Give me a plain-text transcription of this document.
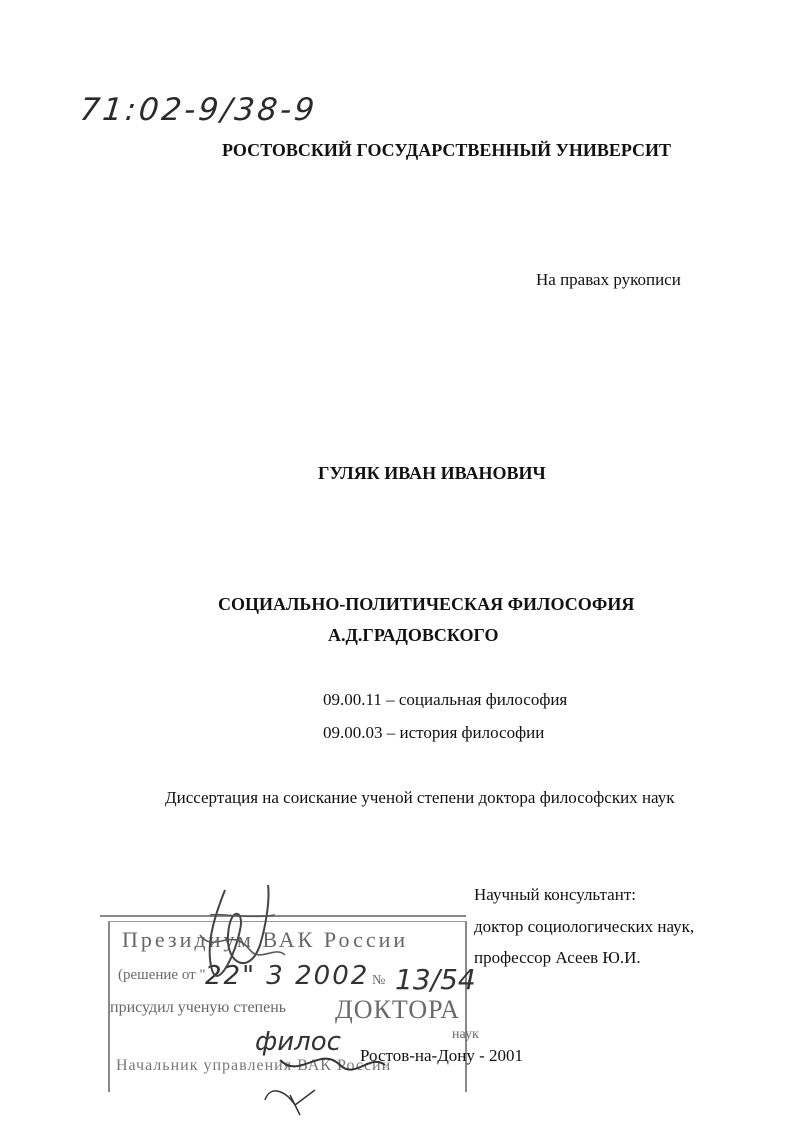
71:02-9/38-9
РОСТОВСКИЙ ГОСУДАРСТВЕННЫЙ УНИВЕРСИТ
На правах рукописи
ГУЛЯК ИВАН ИВАНОВИЧ
СОЦИАЛЬНО-ПОЛИТИЧЕСКАЯ ФИЛОСОФИЯ
А.Д.ГРАДОВСКОГО
09.00.11 – социальная философия
09.00.03 – история философии
Диссертация на соискание ученой степени доктора философских наук
Научный консультант:
доктор социологических наук,
профессор Асеев Ю.И.
Президиум ВАК России
(решение от " 22" 3 2002 № 13/54
присудил ученую степень ДОКТОРА
филос	наук
Начальник управления ВАК России
Ростов-на-Дону - 2001
